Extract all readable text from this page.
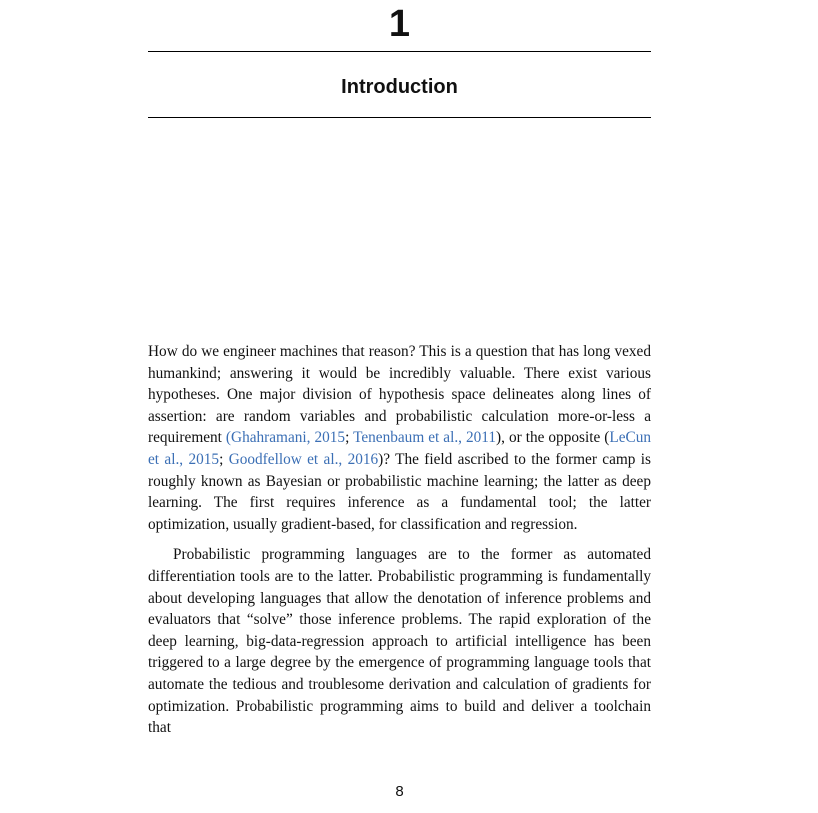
1
Introduction

How do we engineer machines that reason? This is a question that has long vexed humankind; answering it would be incredibly valuable. There exist various hypotheses. One major division of hypothesis space delineates along lines of assertion: are random variables and probabilistic calculation more-or-less a requirement (Ghahramani, 2015; Tenenbaum et al., 2011), or the opposite (LeCun et al., 2015; Goodfellow et al., 2016)? The field ascribed to the former camp is roughly known as Bayesian or probabilistic machine learning; the latter as deep learning. The first requires inference as a fundamental tool; the latter optimization, usually gradient-based, for classification and regression.

Probabilistic programming languages are to the former as automated differentiation tools are to the latter. Probabilistic programming is fundamentally about developing languages that allow the denotation of inference problems and evaluators that “solve” those inference problems. The rapid exploration of the deep learning, big-data-regression approach to artificial intelligence has been triggered to a large degree by the emergence of programming language tools that automate the tedious and troublesome derivation and calculation of gradients for optimization. Probabilistic programming aims to build and deliver a toolchain that

8
